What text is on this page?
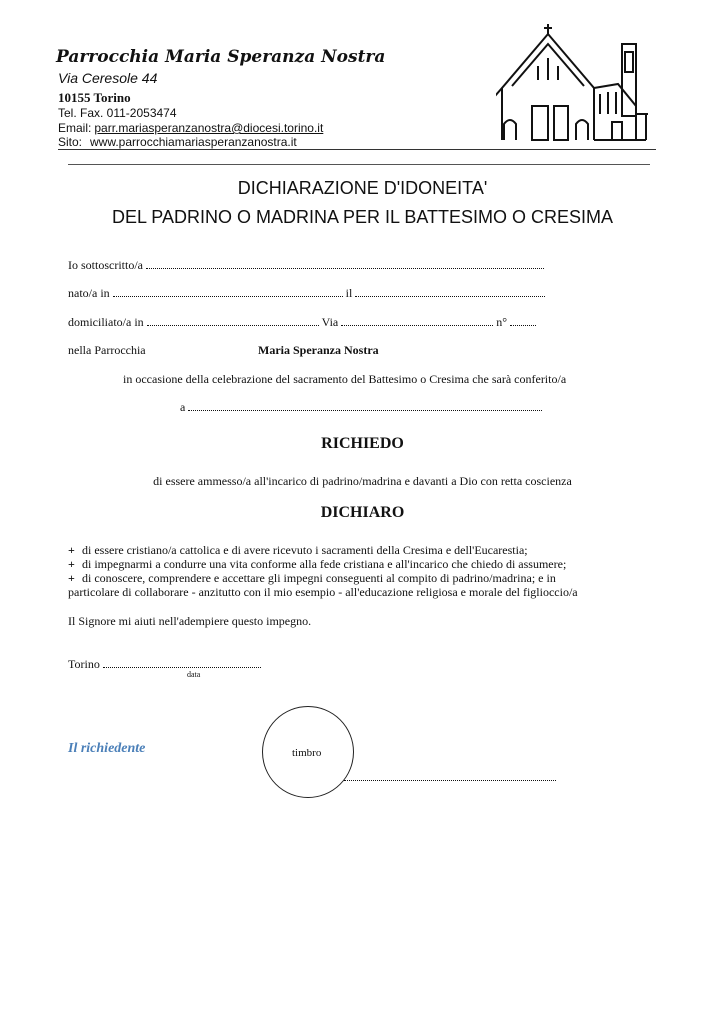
Parrocchia Maria Speranza Nostra
Via Ceresole 44
10155 Torino
Tel. Fax. 011-2053474
Email: parr.mariasperanzanostra@diocesi.torino.it
Sito: www.parrocchiamariasperanzanostra.it
DICHIARAZIONE D'IDONEITA'
DEL PADRINO O MADRINA PER IL BATTESIMO O CRESIMA
Io sottoscritto/a
nato/a in	il
domiciliato/a in	Via	n°
nella Parrocchia	Maria Speranza Nostra
in occasione della celebrazione del sacramento del Battesimo o Cresima che sarà conferito/a
a
RICHIEDO
di essere ammesso/a all'incarico di padrino/madrina e davanti a Dio con retta coscienza
DICHIARO
+ di essere cristiano/a cattolica e di avere ricevuto i sacramenti della Cresima e dell'Eucarestia;
+ di impegnarmi a condurre una vita conforme alla fede cristiana e all'incarico che chiedo di assumere;
+ di conoscere, comprendere e accettare gli impegni conseguenti al compito di padrino/madrina; e in
particolare di collaborare - anzitutto con il mio esempio - all'educazione religiosa e morale del figlioccio/a
Il Signore mi aiuti nell'adempiere questo impegno.
Torino
data
Il richiedente	timbro
